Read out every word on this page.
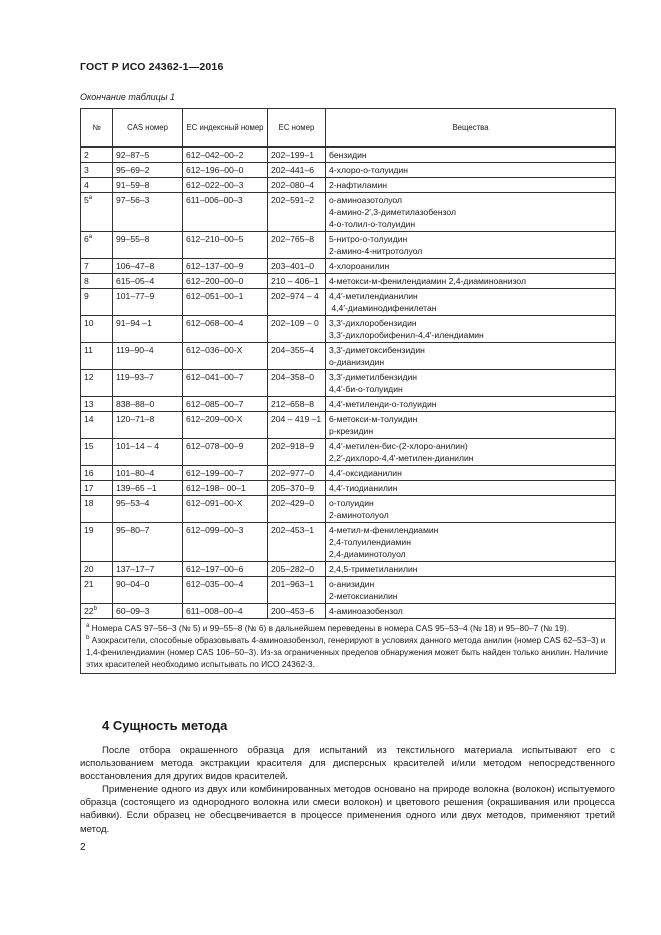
ГОСТ Р ИСО 24362-1—2016
Окончание таблицы 1
№	CAS номер	ЕС индексный номер	ЕС номер	Вещества
2	92–87–5	612–042–00–2	202–199–1	бензидин

3	95–69–2	612–196–00–0	202–441–6	4-хлоро-о-толуидин

4	91–59–8	612–022–00–3	202–080–4	2-нафтиламин

$5^а$	97–56–3	611–006–00–3	202–591–2	о-аминоазотолуол
4-амино-2′,3-диметилазобензол
4-о-толил-о-толуидин

$6^а$	99–55–8	612–210–00–5	202–765–8	5-нитро-о-толуидин
2-амино-4-нитротолуол

7	106–47–8	612–137–00–9	203–401–0	4-хлороанилин

8	615–05–4	612–200–00–0	210 – 406–1	4-метокси-м-фенилендиамин 2,4-диаминоанизол

9	101–77–9	612–051–00–1	202–974 – 4	4,4′-метилендианилин
4,4′-диаминодифенилетан

10	91–94 –1	612–068–00–4	202–109 – 0	3,3′-дихлоробензидин
3,3′-дихлоробифенил-4,4′-илендиамин

11	119–90–4	612–036–00-X	204–355–4	3,3′-диметоксибензидин
о-дианизидин

12	119–93–7	612–041–00–7	204–358–0	3,3′-диметилбензидин
4,4′-би-о-толуидин

13	838–88–0	612–085–00–7	212–658–8	4,4′-метиленди-о-толуидин

14	120–71–8	612–209–00-X	204 – 419 –1	6-метокси-м-толуидин
р-крезидин

15	101–14 – 4	612–078–00–9	202–918–9	4,4′-метилен-бис-(2-хлоро-анилин)
2,2′-дихлоро-4,4′-метилен-дианилин

16	101–80–4	612–199–00–7	202–977–0	4,4′-оксидианилин

17	139–65 –1	612–198– 00–1	205–370–9	4,4′-тиодианилин

18	95–53–4	612–091–00-X	202–429–0	о-толуидин
2-аминотолуол

19	95–80–7	612–099–00–3	202–453–1	4-метил-м-фенилендиамин
2,4-толуилендиамин
2,4-диаминотолуол

20	137–17–7	612–197–00–6	205–282–0	2,4,5-триметиланилин

21	90–04–0	612–035–00–4	201–963–1	о-анизидин
2-метоксианилин

22$^b$	60–09–3	611–008–00–4	200–453–6	4-аминоазобензол

$^a$ Номера CAS 97–56–3 (№ 5) и 99–55–8 (№ 6) в дальнейшем переведены в номера CAS 95–53–4 (№ 18) и 95–80–7 (№ 19).
$^b$ Азокрасители, способные образовывать 4-аминоазобензол, генерируют в условиях данного метода анилин (номер CAS 62–53–3) и 1,4-фенилендиамин (номер CAS 106–50–3). Из-за ограниченных пределов обнаружения может быть найден только анилин. Наличие этих красителей необходимо испытывать по ИСО 24362-3.				
4 Сущность метода

После отбора окрашенного образца для испытаний из текстильного материала испытывают его с использованием метода экстракции красителя для дисперсных красителей и/или методом непосредственного восстановления для других видов красителей.

Применение одного из двух или комбинированных методов основано на природе волокна (волокон) испытуемого образца (состоящего из однородного волокна или смеси волокон) и цветового решения (окрашивания или процесса набивки). Если образец не обесцвечивается в процессе применения одного или двух методов, применяют третий метод.

2
